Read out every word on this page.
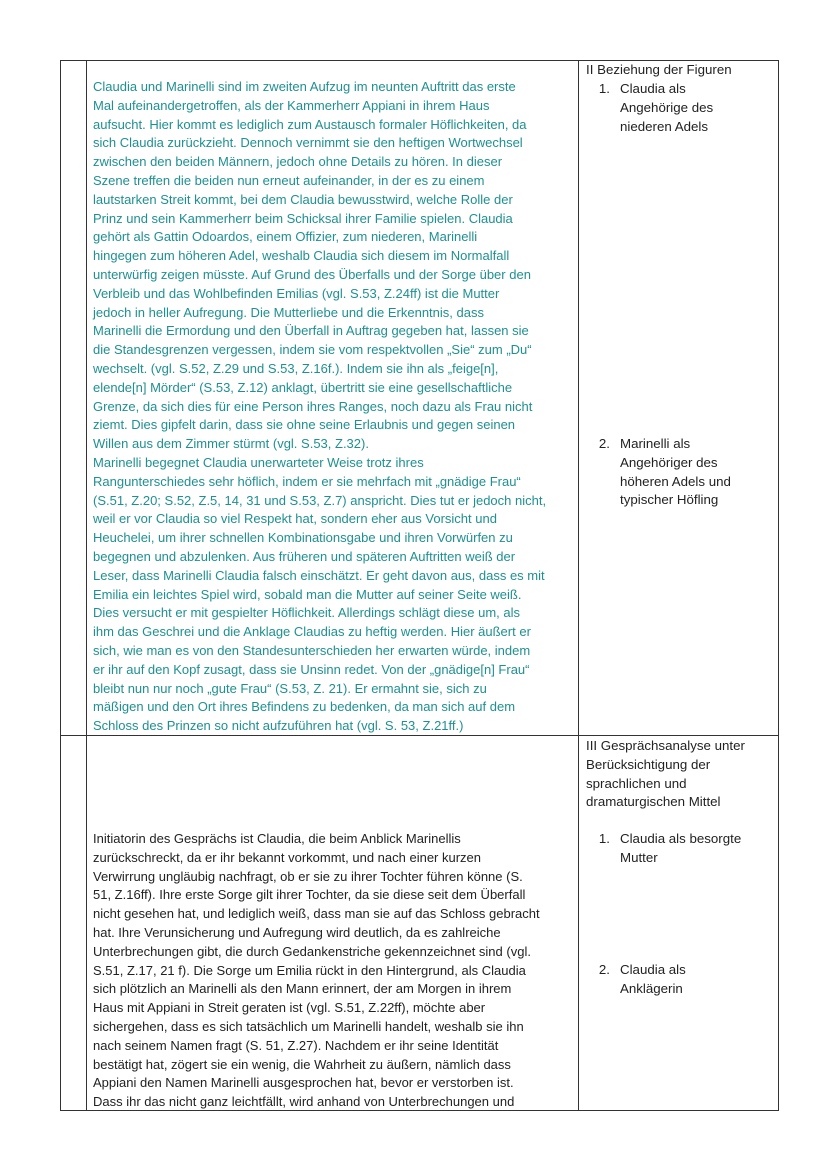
Claudia und Marinelli sind im zweiten Aufzug im neunten Auftritt das erste
Mal aufeinandergetroffen, als der Kammerherr Appiani in ihrem Haus
aufsucht. Hier kommt es lediglich zum Austausch formaler Höflichkeiten, da
sich Claudia zurückzieht. Dennoch vernimmt sie den heftigen Wortwechsel
zwischen den beiden Männern, jedoch ohne Details zu hören. In dieser
Szene treffen die beiden nun erneut aufeinander, in der es zu einem
lautstarken Streit kommt, bei dem Claudia bewusstwird, welche Rolle der
Prinz und sein Kammerherr beim Schicksal ihrer Familie spielen. Claudia
gehört als Gattin Odoardos, einem Offizier, zum niederen, Marinelli
hingegen zum höheren Adel, weshalb Claudia sich diesem im Normalfall
unterwürfig zeigen müsste. Auf Grund des Überfalls und der Sorge über den
Verbleib und das Wohlbefinden Emilias (vgl. S.53, Z.24ff) ist die Mutter
jedoch in heller Aufregung. Die Mutterliebe und die Erkenntnis, dass
Marinelli die Ermordung und den Überfall in Auftrag gegeben hat, lassen sie
die Standesgrenzen vergessen, indem sie vom respektvollen „Sie“ zum „Du“
wechselt. (vgl. S.52, Z.29 und S.53, Z.16f.). Indem sie ihn als „feige[n],
elende[n] Mörder“ (S.53, Z.12) anklagt, übertritt sie eine gesellschaftliche
Grenze, da sich dies für eine Person ihres Ranges, noch dazu als Frau nicht
ziemt. Dies gipfelt darin, dass sie ohne seine Erlaubnis und gegen seinen
Willen aus dem Zimmer stürmt (vgl. S.53, Z.32).
Marinelli begegnet Claudia unerwarteter Weise trotz ihres
Rangunterschiedes sehr höflich, indem er sie mehrfach mit „gnädige Frau“
(S.51, Z.20; S.52, Z.5, 14, 31 und S.53, Z.7) anspricht. Dies tut er jedoch nicht,
weil er vor Claudia so viel Respekt hat, sondern eher aus Vorsicht und
Heuchelei, um ihrer schnellen Kombinationsgabe und ihren Vorwürfen zu
begegnen und abzulenken. Aus früheren und späteren Auftritten weiß der
Leser, dass Marinelli Claudia falsch einschätzt. Er geht davon aus, dass es mit
Emilia ein leichtes Spiel wird, sobald man die Mutter auf seiner Seite weiß.
Dies versucht er mit gespielter Höflichkeit. Allerdings schlägt diese um, als
ihm das Geschrei und die Anklage Claudias zu heftig werden. Hier äußert er
sich, wie man es von den Standesunterschieden her erwarten würde, indem
er ihr auf den Kopf zusagt, dass sie Unsinn redet. Von der „gnädige[n] Frau“
bleibt nun nur noch „gute Frau“ (S.53, Z. 21). Er ermahnt sie, sich zu
mäßigen und den Ort ihres Befindens zu bedenken, da man sich auf dem
Schloss des Prinzen so nicht aufzuführen hat (vgl. S. 53, Z.21ff.)
II Beziehung der Figuren
1. Claudia als
Angehörige des
niederen Adels
2. Marinelli als
Angehöriger des
höheren Adels und
typischer Höfling
Initiatorin des Gesprächs ist Claudia, die beim Anblick Marinellis
zurückschreckt, da er ihr bekannt vorkommt, und nach einer kurzen
Verwirrung ungläubig nachfragt, ob er sie zu ihrer Tochter führen könne (S.
51, Z.16ff). Ihre erste Sorge gilt ihrer Tochter, da sie diese seit dem Überfall
nicht gesehen hat, und lediglich weiß, dass man sie auf das Schloss gebracht
hat. Ihre Verunsicherung und Aufregung wird deutlich, da es zahlreiche
Unterbrechungen gibt, die durch Gedankenstriche gekennzeichnet sind (vgl.
S.51, Z.17, 21 f). Die Sorge um Emilia rückt in den Hintergrund, als Claudia
sich plötzlich an Marinelli als den Mann erinnert, der am Morgen in ihrem
Haus mit Appiani in Streit geraten ist (vgl. S.51, Z.22ff), möchte aber
sichergehen, dass es sich tatsächlich um Marinelli handelt, weshalb sie ihn
nach seinem Namen fragt (S. 51, Z.27). Nachdem er ihr seine Identität
bestätigt hat, zögert sie ein wenig, die Wahrheit zu äußern, nämlich dass
Appiani den Namen Marinelli ausgesprochen hat, bevor er verstorben ist.
Dass ihr das nicht ganz leichtfällt, wird anhand von Unterbrechungen und
III Gesprächsanalyse unter
Berücksichtigung der
sprachlichen und
dramaturgischen Mittel
1. Claudia als besorgte
Mutter
2. Claudia als
Anklägerin
